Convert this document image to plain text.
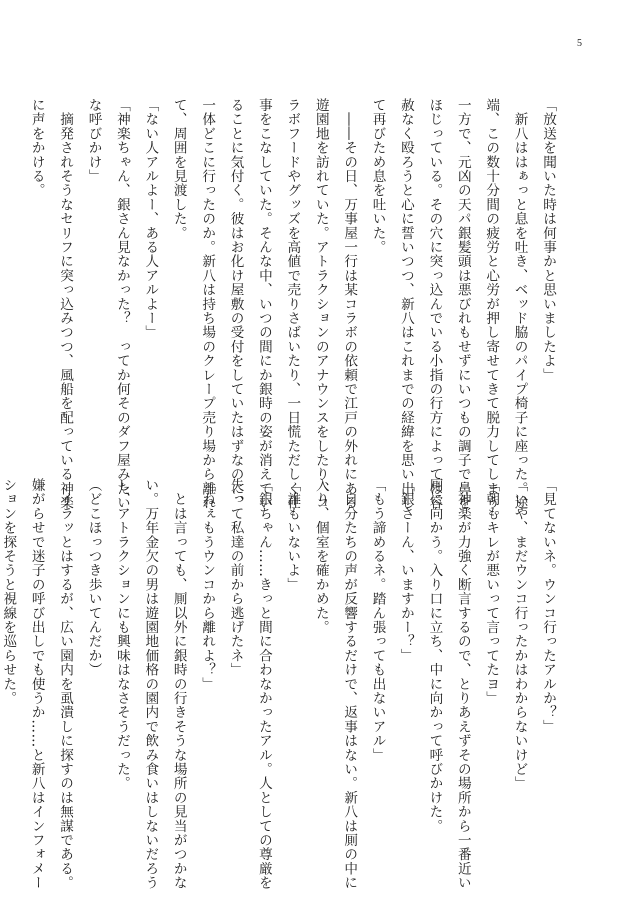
5
「放送を聞いた時は何事かと思いましたよ」
　新八ははぁっと息を吐き、ベッド脇のパイプ椅子に座った。途
端、この数十分間の疲労と心労が押し寄せてきて脱力してしまう。
一方で、元凶の天パ銀髪頭は悪びれもせずにいつもの調子で鼻を
ほじっている。その穴に突っ込んでいる小指の行方によっては容
赦なく殴ろうと心に誓いつつ、新八はこれまでの経緯を思い出し
て再びため息を吐いた。
　――その日、万事屋一行は某コラボの依頼で江戸の外れにある
遊園地を訪れていた。アトラクションのアナウンスをしたり、コ
ラボフードやグッズを高値で売りさばいたり、一日慌ただしく仕
事をこなしていた。そんな中、いつの間にか銀時の姿が消えてい
ることに気付く。彼はお化け屋敷の受付をしていたはずなのに、
一体どこに行ったのか。新八は持ち場のクレープ売り場から離れ
て、周囲を見渡した。
「ない人アルよー、ある人アルよー」
「神楽ちゃん、銀さん見なかった？　ってか何そのダフ屋みたい
な呼びかけ」
　摘発されそうなセリフに突っ込みつつ、風船を配っている神楽
に声をかける。
「見てないネ。ウンコ行ったアルか？」
「いや、まだウンコ行ったかはわからないけど」
「朝もキレが悪いって言ってたヨ」
　神楽が力強く断言するので、とりあえずその場所から一番近い
厠に向かう。入り口に立ち、中に向かって呼びかけた。
「銀さーん、いますかー？」
「もう諦めるネ。踏ん張っても出ないアル」
　自分たちの声が反響するだけで、返事はない。新八は厠の中に
入り、個室を確かめた。
「誰もいないよ」
「銀ちゃん……きっと間に合わなかったアル。人としての尊厳を
失って私達の前から逃げたネ」
「ねぇもうウンコから離れよ？」
　とは言っても、厠以外に銀時の行きそうな場所の見当がつかな
い。万年金欠の男は遊園地価格の園内で飲み食いはしないだろう
し、アトラクションにも興味はなさそうだった。
（どこほっつき歩いてんだか）
　イラッとはするが、広い園内を虱潰しに探すのは無謀である。
嫌がらせで迷子の呼び出しでも使うか……と新八はインフォメー
ションを探そうと視線を巡らせた。
